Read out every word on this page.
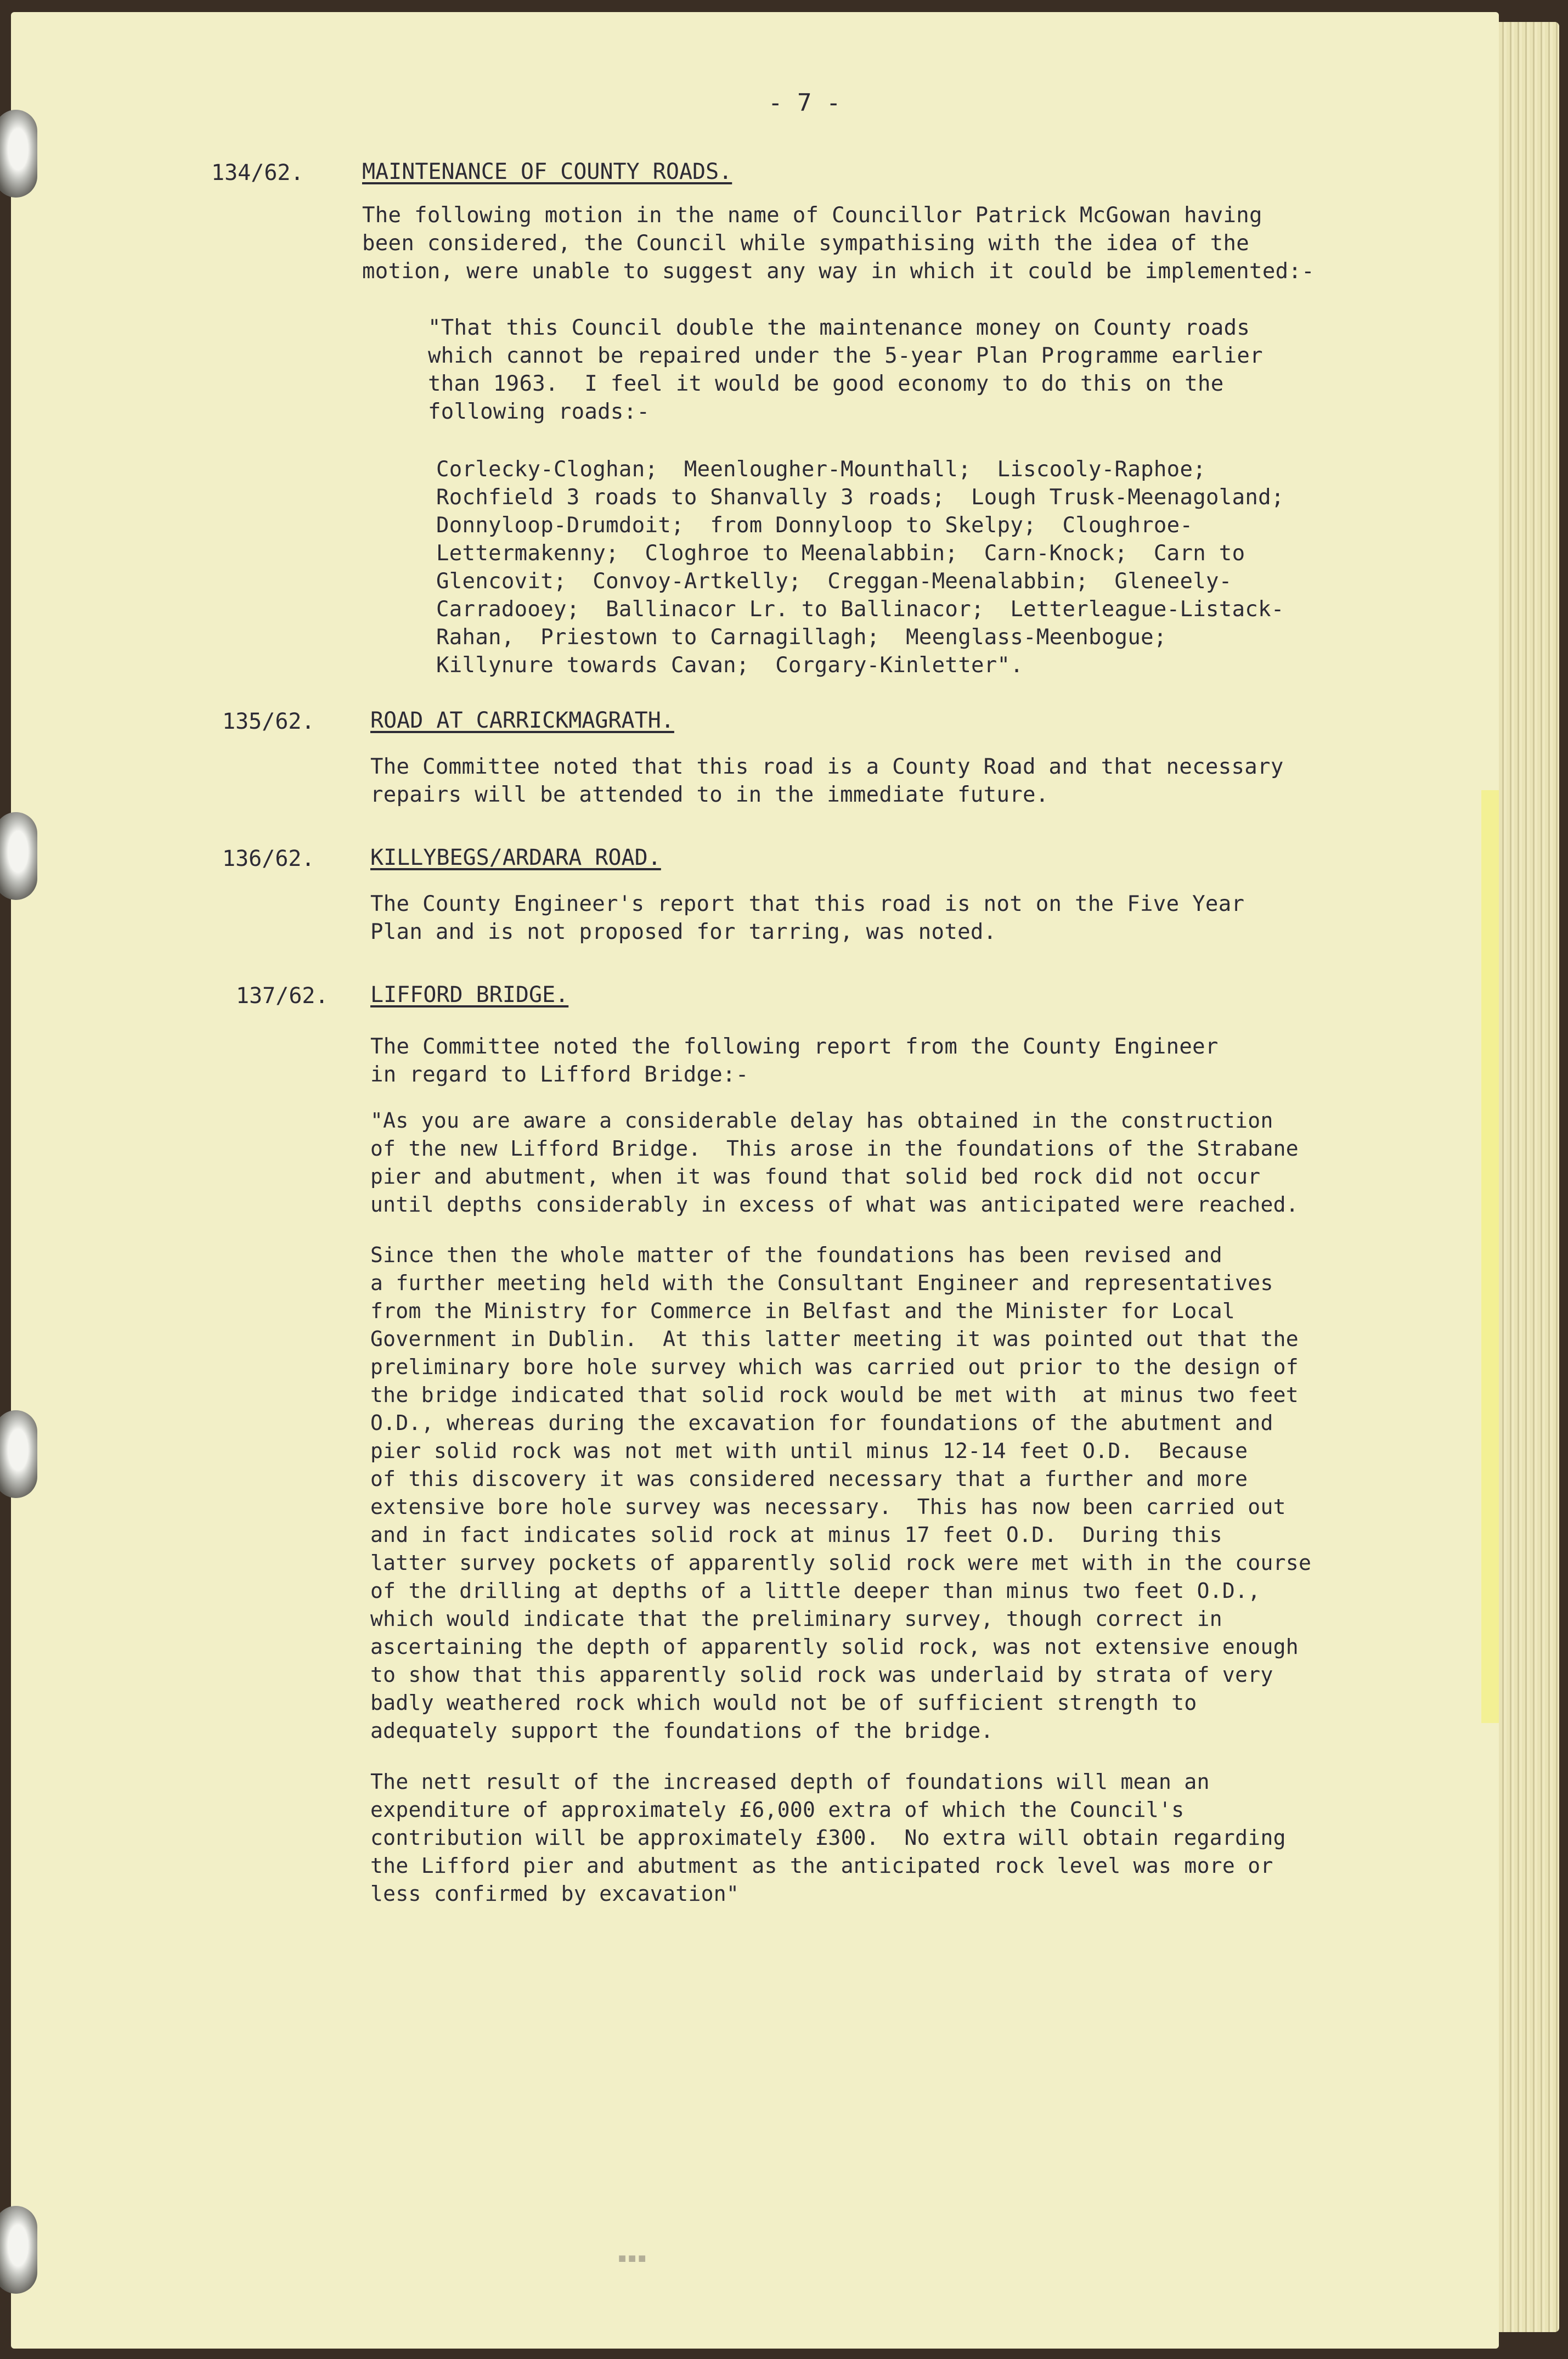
- 7 -
134/62.	MAINTENANCE OF COUNTY ROADS.
The following motion in the name of Councillor Patrick McGowan having
been considered, the Council while sympathising with the idea of the
motion, were unable to suggest any way in which it could be implemented:-
"That this Council double the maintenance money on County roads
which cannot be repaired under the 5-year Plan Programme earlier
than 1963.  I feel it would be good economy to do this on the
following roads:-
Corlecky-Cloghan;  Meenlougher-Mounthall;  Liscooly-Raphoe;
Rochfield 3 roads to Shanvally 3 roads;  Lough Trusk-Meenagoland;
Donnyloop-Drumdoit;  from Donnyloop to Skelpy;  Cloughroe-
Lettermakenny;  Cloghroe to Meenalabbin;  Carn-Knock;  Carn to
Glencovit;  Convoy-Artkelly;  Creggan-Meenalabbin;  Gleneely-
Carradooey;  Ballinacor Lr. to Ballinacor;  Letterleague-Listack-
Rahan,  Priestown to Carnagillagh;  Meenglass-Meenbogue;
Killynure towards Cavan;  Corgary-Kinletter".
135/62.	ROAD AT CARRICKMAGRATH.
The Committee noted that this road is a County Road and that necessary
repairs will be attended to in the immediate future.
136/62.	KILLYBEGS/ARDARA ROAD.
The County Engineer's report that this road is not on the Five Year
Plan and is not proposed for tarring, was noted.
137/62. LIFFORD BRIDGE.
The Committee noted the following report from the County Engineer
in regard to Lifford Bridge:-
"As you are aware a considerable delay has obtained in the construction
of the new Lifford Bridge.  This arose in the foundations of the Strabane
pier and abutment, when it was found that solid bed rock did not occur
until depths considerably in excess of what was anticipated were reached.
Since then the whole matter of the foundations has been revised and
a further meeting held with the Consultant Engineer and representatives
from the Ministry for Commerce in Belfast and the Minister for Local
Government in Dublin.  At this latter meeting it was pointed out that the
preliminary bore hole survey which was carried out prior to the design of
the bridge indicated that solid rock would be met with  at minus two feet
O.D., whereas during the excavation for foundations of the abutment and
pier solid rock was not met with until minus 12-14 feet O.D.  Because
of this discovery it was considered necessary that a further and more
extensive bore hole survey was necessary.  This has now been carried out
and in fact indicates solid rock at minus 17 feet O.D.  During this
latter survey pockets of apparently solid rock were met with in the course
of the drilling at depths of a little deeper than minus two feet O.D.,
which would indicate that the preliminary survey, though correct in
ascertaining the depth of apparently solid rock, was not extensive enough
to show that this apparently solid rock was underlaid by strata of very
badly weathered rock which would not be of sufficient strength to
adequately support the foundations of the bridge.
The nett result of the increased depth of foundations will mean an
expenditure of approximately £6,000 extra of which the Council's
contribution will be approximately £300.  No extra will obtain regarding
the Lifford pier and abutment as the anticipated rock level was more or
less confirmed by excavation"
▪▪▪
